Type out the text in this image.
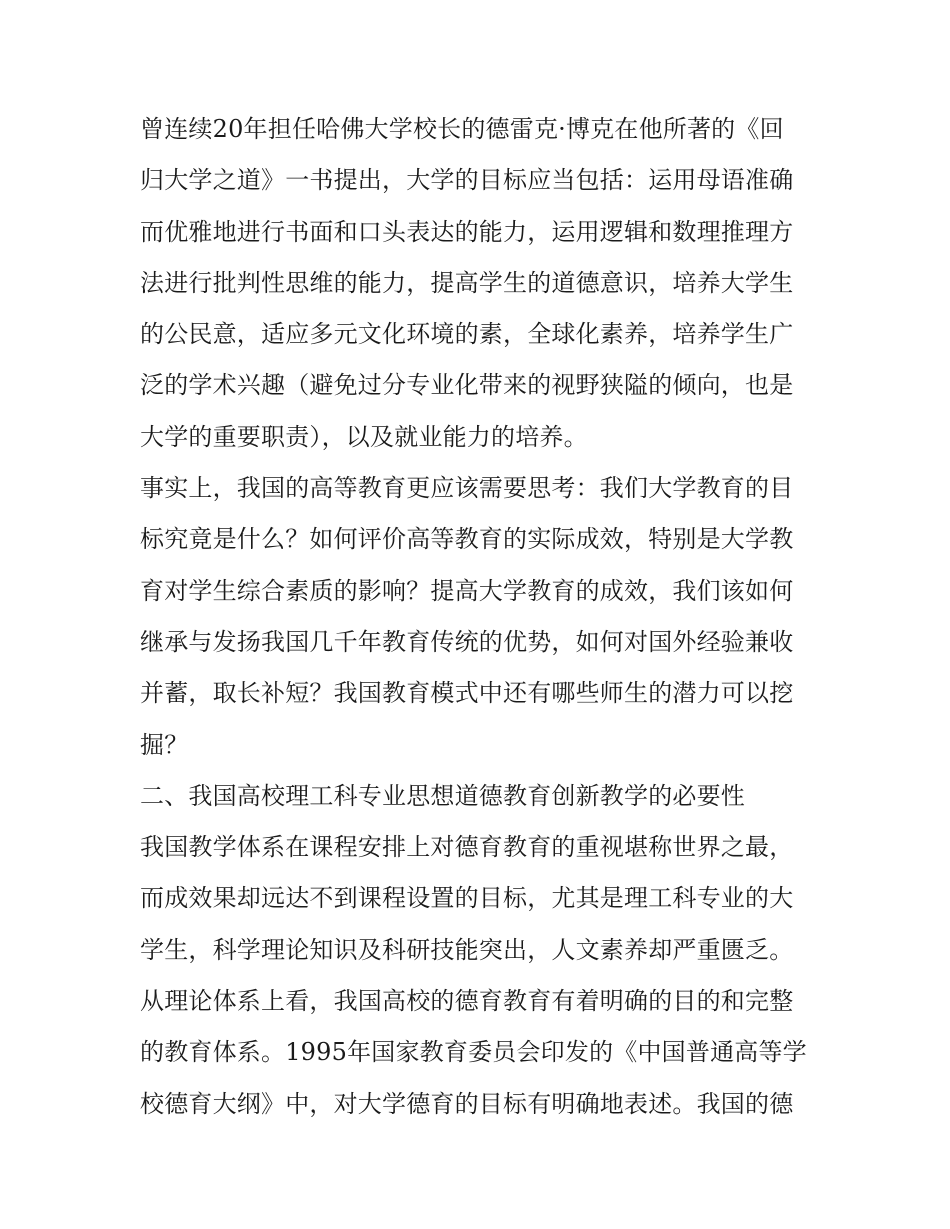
曾连续20年担任哈佛大学校长的德雷克·博克在他所著的《回
归大学之道》一书提出，大学的目标应当包括：运用母语准确
而优雅地进行书面和口头表达的能力，运用逻辑和数理推理方
法进行批判性思维的能力，提高学生的道德意识，培养大学生
的公民意，适应多元文化环境的素，全球化素养，培养学生广
泛的学术兴趣（避免过分专业化带来的视野狭隘的倾向，也是
大学的重要职责），以及就业能力的培养。
事实上，我国的高等教育更应该需要思考：我们大学教育的目
标究竟是什么？如何评价高等教育的实际成效，特别是大学教
育对学生综合素质的影响？提高大学教育的成效，我们该如何
继承与发扬我国几千年教育传统的优势，如何对国外经验兼收
并蓄，取长补短？我国教育模式中还有哪些师生的潜力可以挖
掘？
二、我国高校理工科专业思想道德教育创新教学的必要性
我国教学体系在课程安排上对德育教育的重视堪称世界之最，
而成效果却远达不到课程设置的目标，尤其是理工科专业的大
学生，科学理论知识及科研技能突出，人文素养却严重匮乏。
从理论体系上看，我国高校的德育教育有着明确的目的和完整
的教育体系。1995年国家教育委员会印发的《中国普通高等学
校德育大纲》中，对大学德育的目标有明确地表述。我国的德
